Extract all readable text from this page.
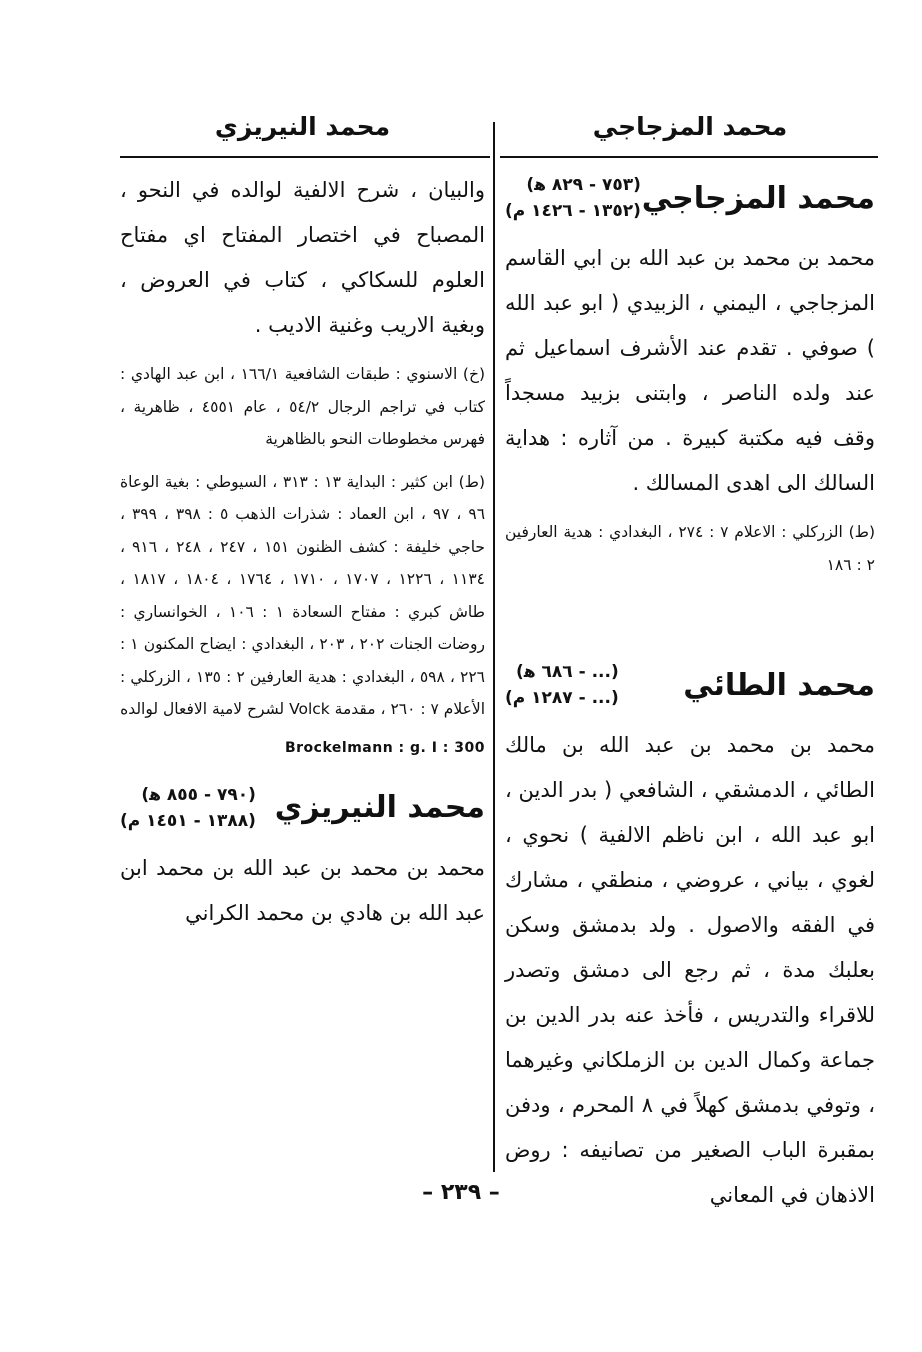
محمد المزجاجي
محمد النيريزي
محمد المزجاجي
(٧٥٣ - ٨٢٩ ﻫ)
(١٣٥٢ - ١٤٢٦ م)

محمد بن محمد بن عبد الله بن ابي القاسم المزجاجي ، اليمني ، الزبيدي ( ابو عبد الله ) صوفي . تقدم عند الأشرف اسماعيل ثم عند ولده الناصر ، وابتنى بزبيد مسجداً وقف فيه مكتبة كبيرة . من آثاره : هداية السالك الى اهدى المسالك .

(ط) الزركلي : الاعلام ٧ : ٢٧٤ ، البغدادي : هدية العارفين ٢ : ١٨٦

محمد الطائي
(... - ٦٨٦ ﻫ)
(... - ١٢٨٧ م)

محمد بن محمد بن عبد الله بن مالك الطائي ، الدمشقي ، الشافعي ( بدر الدين ، ابو عبد الله ، ابن ناظم الالفية ) نحوي ، لغوي ، بياني ، عروضي ، منطقي ، مشارك في الفقه والاصول . ولد بدمشق وسكن بعلبك مدة ، ثم رجع الى دمشق وتصدر للاقراء والتدريس ، فأخذ عنه بدر الدين بن جماعة وكمال الدين بن الزملكاني وغيرهما ، وتوفي بدمشق كهلاً في ٨ المحرم ، ودفن بمقبرة الباب الصغير من تصانيفه : روض الاذهان في المعاني

والبيان ، شرح الالفية لوالده في النحو ، المصباح في اختصار المفتاح اي مفتاح العلوم للسكاكي ، كتاب في العروض ، وبغية الاريب وغنية الاديب .

(خ) الاسنوي : طبقات الشافعية ١٦٦/١ ، ابن عبد الهادي : كتاب في تراجم الرجال ٥٤/٢ ، عام ٤٥٥١ ، ظاهرية ، فهرس مخطوطات النحو بالظاهرية

(ط) ابن كثير : البداية ١٣ : ٣١٣ ، السيوطي : بغية الوعاة ٩٦ ، ٩٧ ، ابن العماد : شذرات الذهب ٥ : ٣٩٨ ، ٣٩٩ ، حاجي خليفة : كشف الظنون ١٥١ ، ٢٤٧ ، ٢٤٨ ، ٩١٦ ، ١١٣٤ ، ١٢٢٦ ، ١٧٠٧ ، ١٧١٠ ، ١٧٦٤ ، ١٨٠٤ ، ١٨١٧ ، طاش كبري : مفتاح السعادة ١ : ١٠٦ ، الخوانساري : روضات الجنات ٢٠٢ ، ٢٠٣ ، البغدادي : ايضاح المكنون ١ : ٢٢٦ ، ٥٩٨ ، البغدادي : هدية العارفين ٢ : ١٣٥ ، الزركلي : الأعلام ٧ : ٢٦٠ ، مقدمة Volck لشرح لامية الافعال لوالده

Brockelmann : g. I : 300

محمد النيريزي
(٧٩٠ - ٨٥٥ ﻫ)
(١٣٨٨ - ١٤٥١ م)

محمد بن محمد بن عبد الله بن محمد ابن عبد الله بن هادي بن محمد الكراني

– ٢٣٩ –
